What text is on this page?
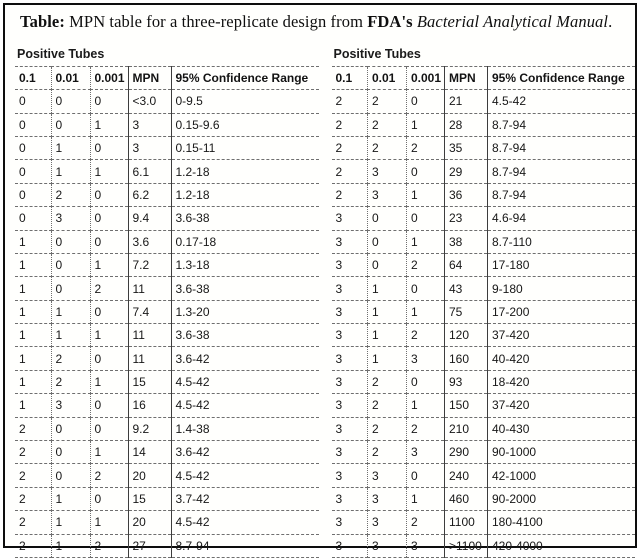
Table: MPN table for a three-replicate design from FDA's Bacterial Analytical Manual.
Positive Tubes
0.1	0.01	0.001	MPN	95% Confidence Range
0	0	0	<3.0	0-9.5
0	0	1	3	0.15-9.6
0	1	0	3	0.15-11
0	1	1	6.1	1.2-18
0	2	0	6.2	1.2-18
0	3	0	9.4	3.6-38
1	0	0	3.6	0.17-18
1	0	1	7.2	1.3-18
1	0	2	11	3.6-38
1	1	0	7.4	1.3-20
1	1	1	11	3.6-38
1	2	0	11	3.6-42
1	2	1	15	4.5-42
1	3	0	16	4.5-42
2	0	0	9.2	1.4-38
2	0	1	14	3.6-42
2	0	2	20	4.5-42
2	1	0	15	3.7-42
2	1	1	20	4.5-42
2	1	2	27	8.7-94
Positive Tubes
0.1	0.01	0.001	MPN	95% Confidence Range
2	2	0	21	4.5-42
2	2	1	28	8.7-94
2	2	2	35	8.7-94
2	3	0	29	8.7-94
2	3	1	36	8.7-94
3	0	0	23	4.6-94
3	0	1	38	8.7-110
3	0	2	64	17-180
3	1	0	43	9-180
3	1	1	75	17-200
3	1	2	120	37-420
3	1	3	160	40-420
3	2	0	93	18-420
3	2	1	150	37-420
3	2	2	210	40-430
3	2	3	290	90-1000
3	3	0	240	42-1000
3	3	1	460	90-2000
3	3	2	1100	180-4100
3	3	3	>1100	420-4000
